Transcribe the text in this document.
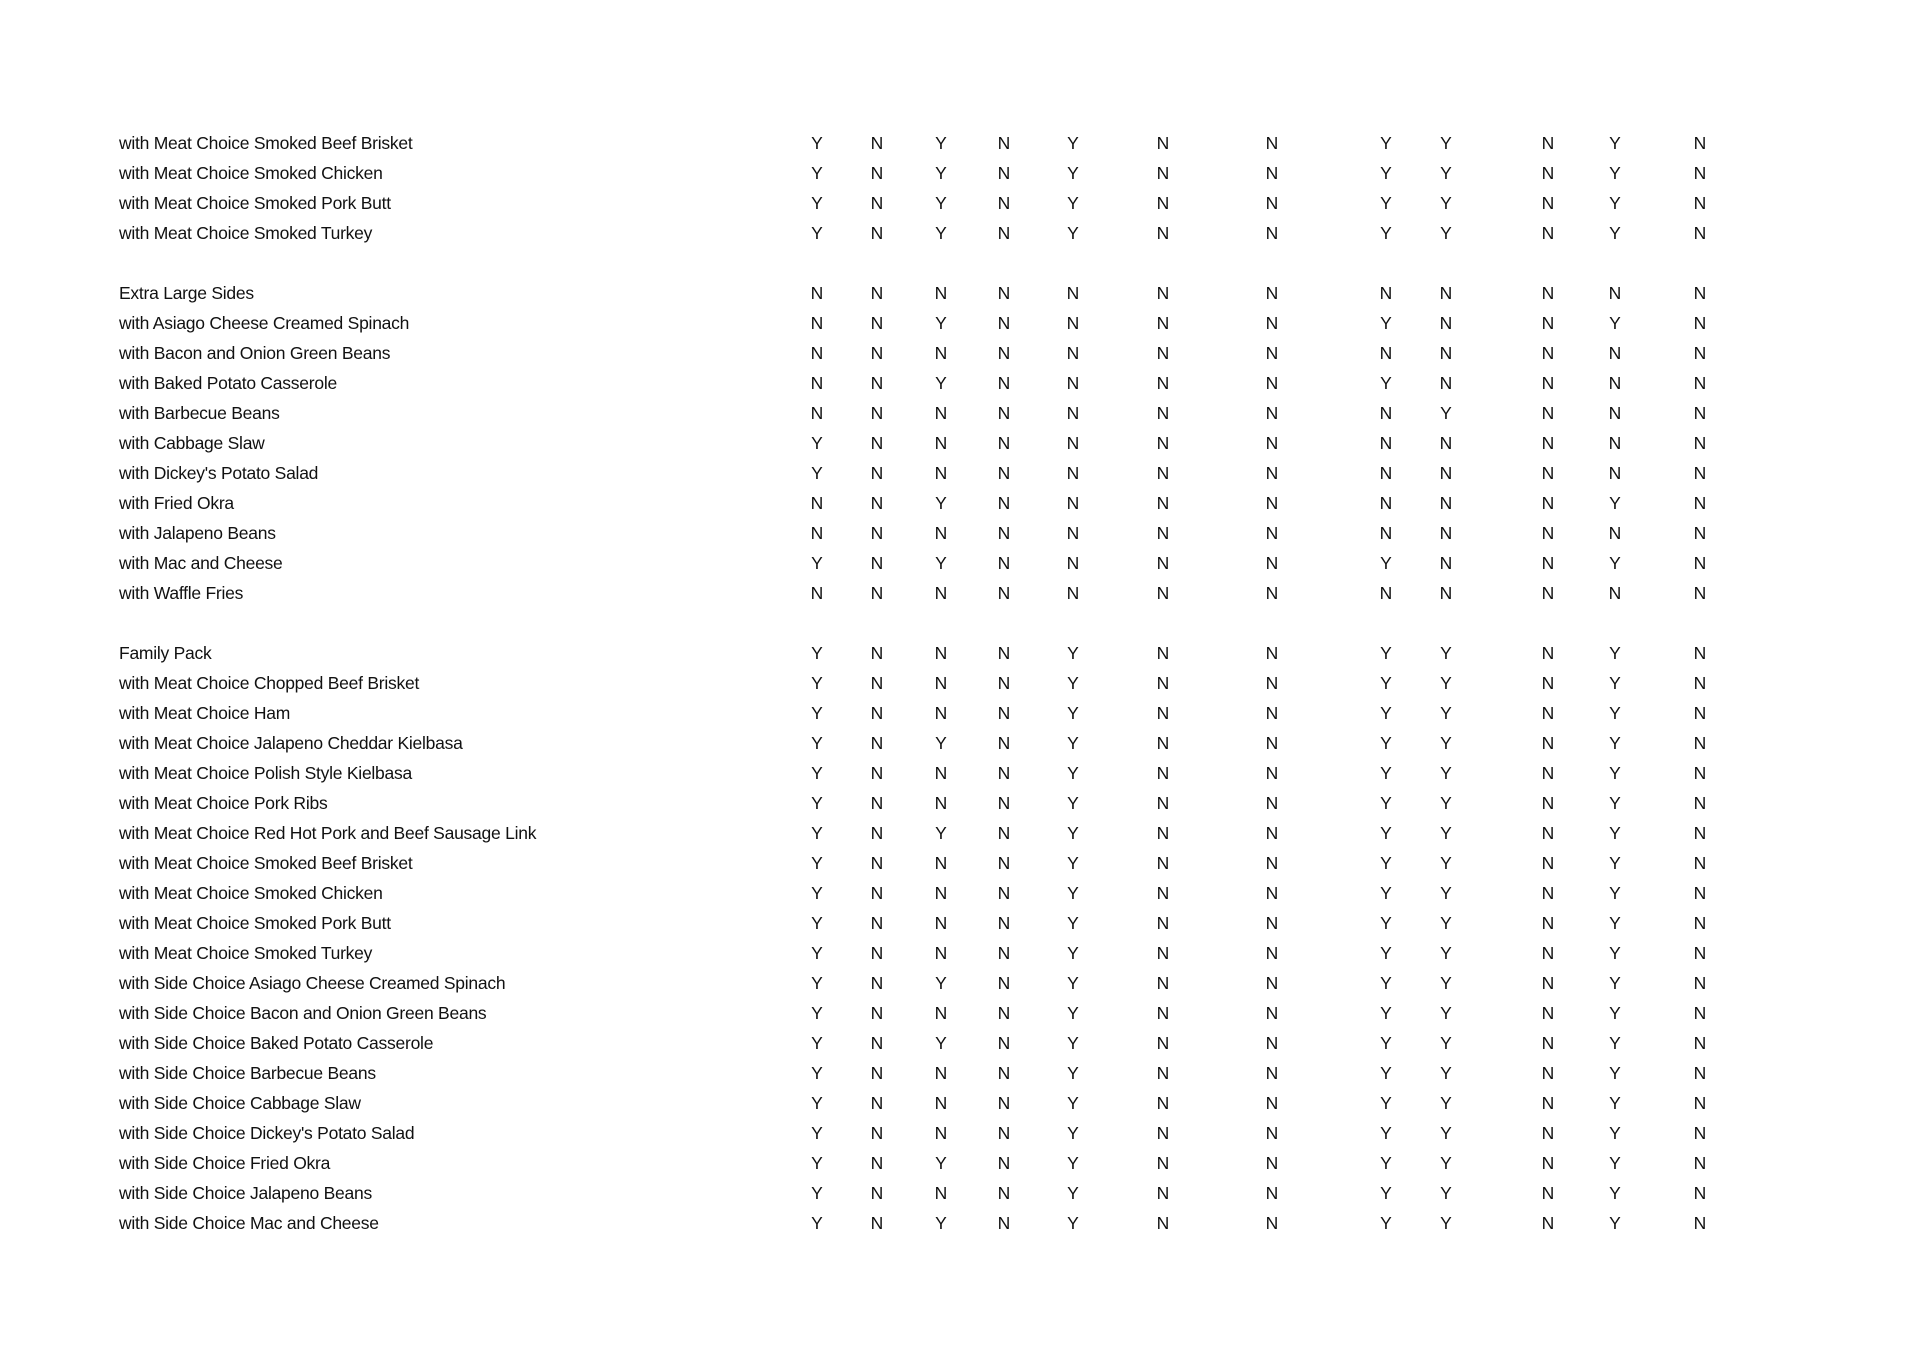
with Meat Choice Smoked Beef Brisket	Y	N	Y	N	Y	N	N	Y	Y	N	Y	N
with Meat Choice Smoked Chicken	Y	N	Y	N	Y	N	N	Y	Y	N	Y	N
with Meat Choice Smoked Pork Butt	Y	N	Y	N	Y	N	N	Y	Y	N	Y	N
with Meat Choice Smoked Turkey	Y	N	Y	N	Y	N	N	Y	Y	N	Y	N
Extra Large Sides	N	N	N	N	N	N	N	N	N	N	N	N
with Asiago Cheese Creamed Spinach	N	N	Y	N	N	N	N	Y	N	N	Y	N
with Bacon and Onion Green Beans	N	N	N	N	N	N	N	N	N	N	N	N
with Baked Potato Casserole	N	N	Y	N	N	N	N	Y	N	N	N	N
with Barbecue Beans	N	N	N	N	N	N	N	N	Y	N	N	N
with Cabbage Slaw	Y	N	N	N	N	N	N	N	N	N	N	N
with Dickey's Potato Salad	Y	N	N	N	N	N	N	N	N	N	N	N
with Fried Okra	N	N	Y	N	N	N	N	N	N	N	Y	N
with Jalapeno Beans	N	N	N	N	N	N	N	N	N	N	N	N
with Mac and Cheese	Y	N	Y	N	N	N	N	Y	N	N	Y	N
with Waffle Fries	N	N	N	N	N	N	N	N	N	N	N	N
Family Pack	Y	N	N	N	Y	N	N	Y	Y	N	Y	N
with Meat Choice Chopped Beef Brisket	Y	N	N	N	Y	N	N	Y	Y	N	Y	N
with Meat Choice Ham	Y	N	N	N	Y	N	N	Y	Y	N	Y	N
with Meat Choice Jalapeno Cheddar Kielbasa	Y	N	Y	N	Y	N	N	Y	Y	N	Y	N
with Meat Choice Polish Style Kielbasa	Y	N	N	N	Y	N	N	Y	Y	N	Y	N
with Meat Choice Pork Ribs	Y	N	N	N	Y	N	N	Y	Y	N	Y	N
with Meat Choice Red Hot Pork and Beef Sausage Link	Y	N	Y	N	Y	N	N	Y	Y	N	Y	N
with Meat Choice Smoked Beef Brisket	Y	N	N	N	Y	N	N	Y	Y	N	Y	N
with Meat Choice Smoked Chicken	Y	N	N	N	Y	N	N	Y	Y	N	Y	N
with Meat Choice Smoked Pork Butt	Y	N	N	N	Y	N	N	Y	Y	N	Y	N
with Meat Choice Smoked Turkey	Y	N	N	N	Y	N	N	Y	Y	N	Y	N
with Side Choice Asiago Cheese Creamed Spinach	Y	N	Y	N	Y	N	N	Y	Y	N	Y	N
with Side Choice Bacon and Onion Green Beans	Y	N	N	N	Y	N	N	Y	Y	N	Y	N
with Side Choice Baked Potato Casserole	Y	N	Y	N	Y	N	N	Y	Y	N	Y	N
with Side Choice Barbecue Beans	Y	N	N	N	Y	N	N	Y	Y	N	Y	N
with Side Choice Cabbage Slaw	Y	N	N	N	Y	N	N	Y	Y	N	Y	N
with Side Choice Dickey's Potato Salad	Y	N	N	N	Y	N	N	Y	Y	N	Y	N
with Side Choice Fried Okra	Y	N	Y	N	Y	N	N	Y	Y	N	Y	N
with Side Choice Jalapeno Beans	Y	N	N	N	Y	N	N	Y	Y	N	Y	N
with Side Choice Mac and Cheese	Y	N	Y	N	Y	N	N	Y	Y	N	Y	N
